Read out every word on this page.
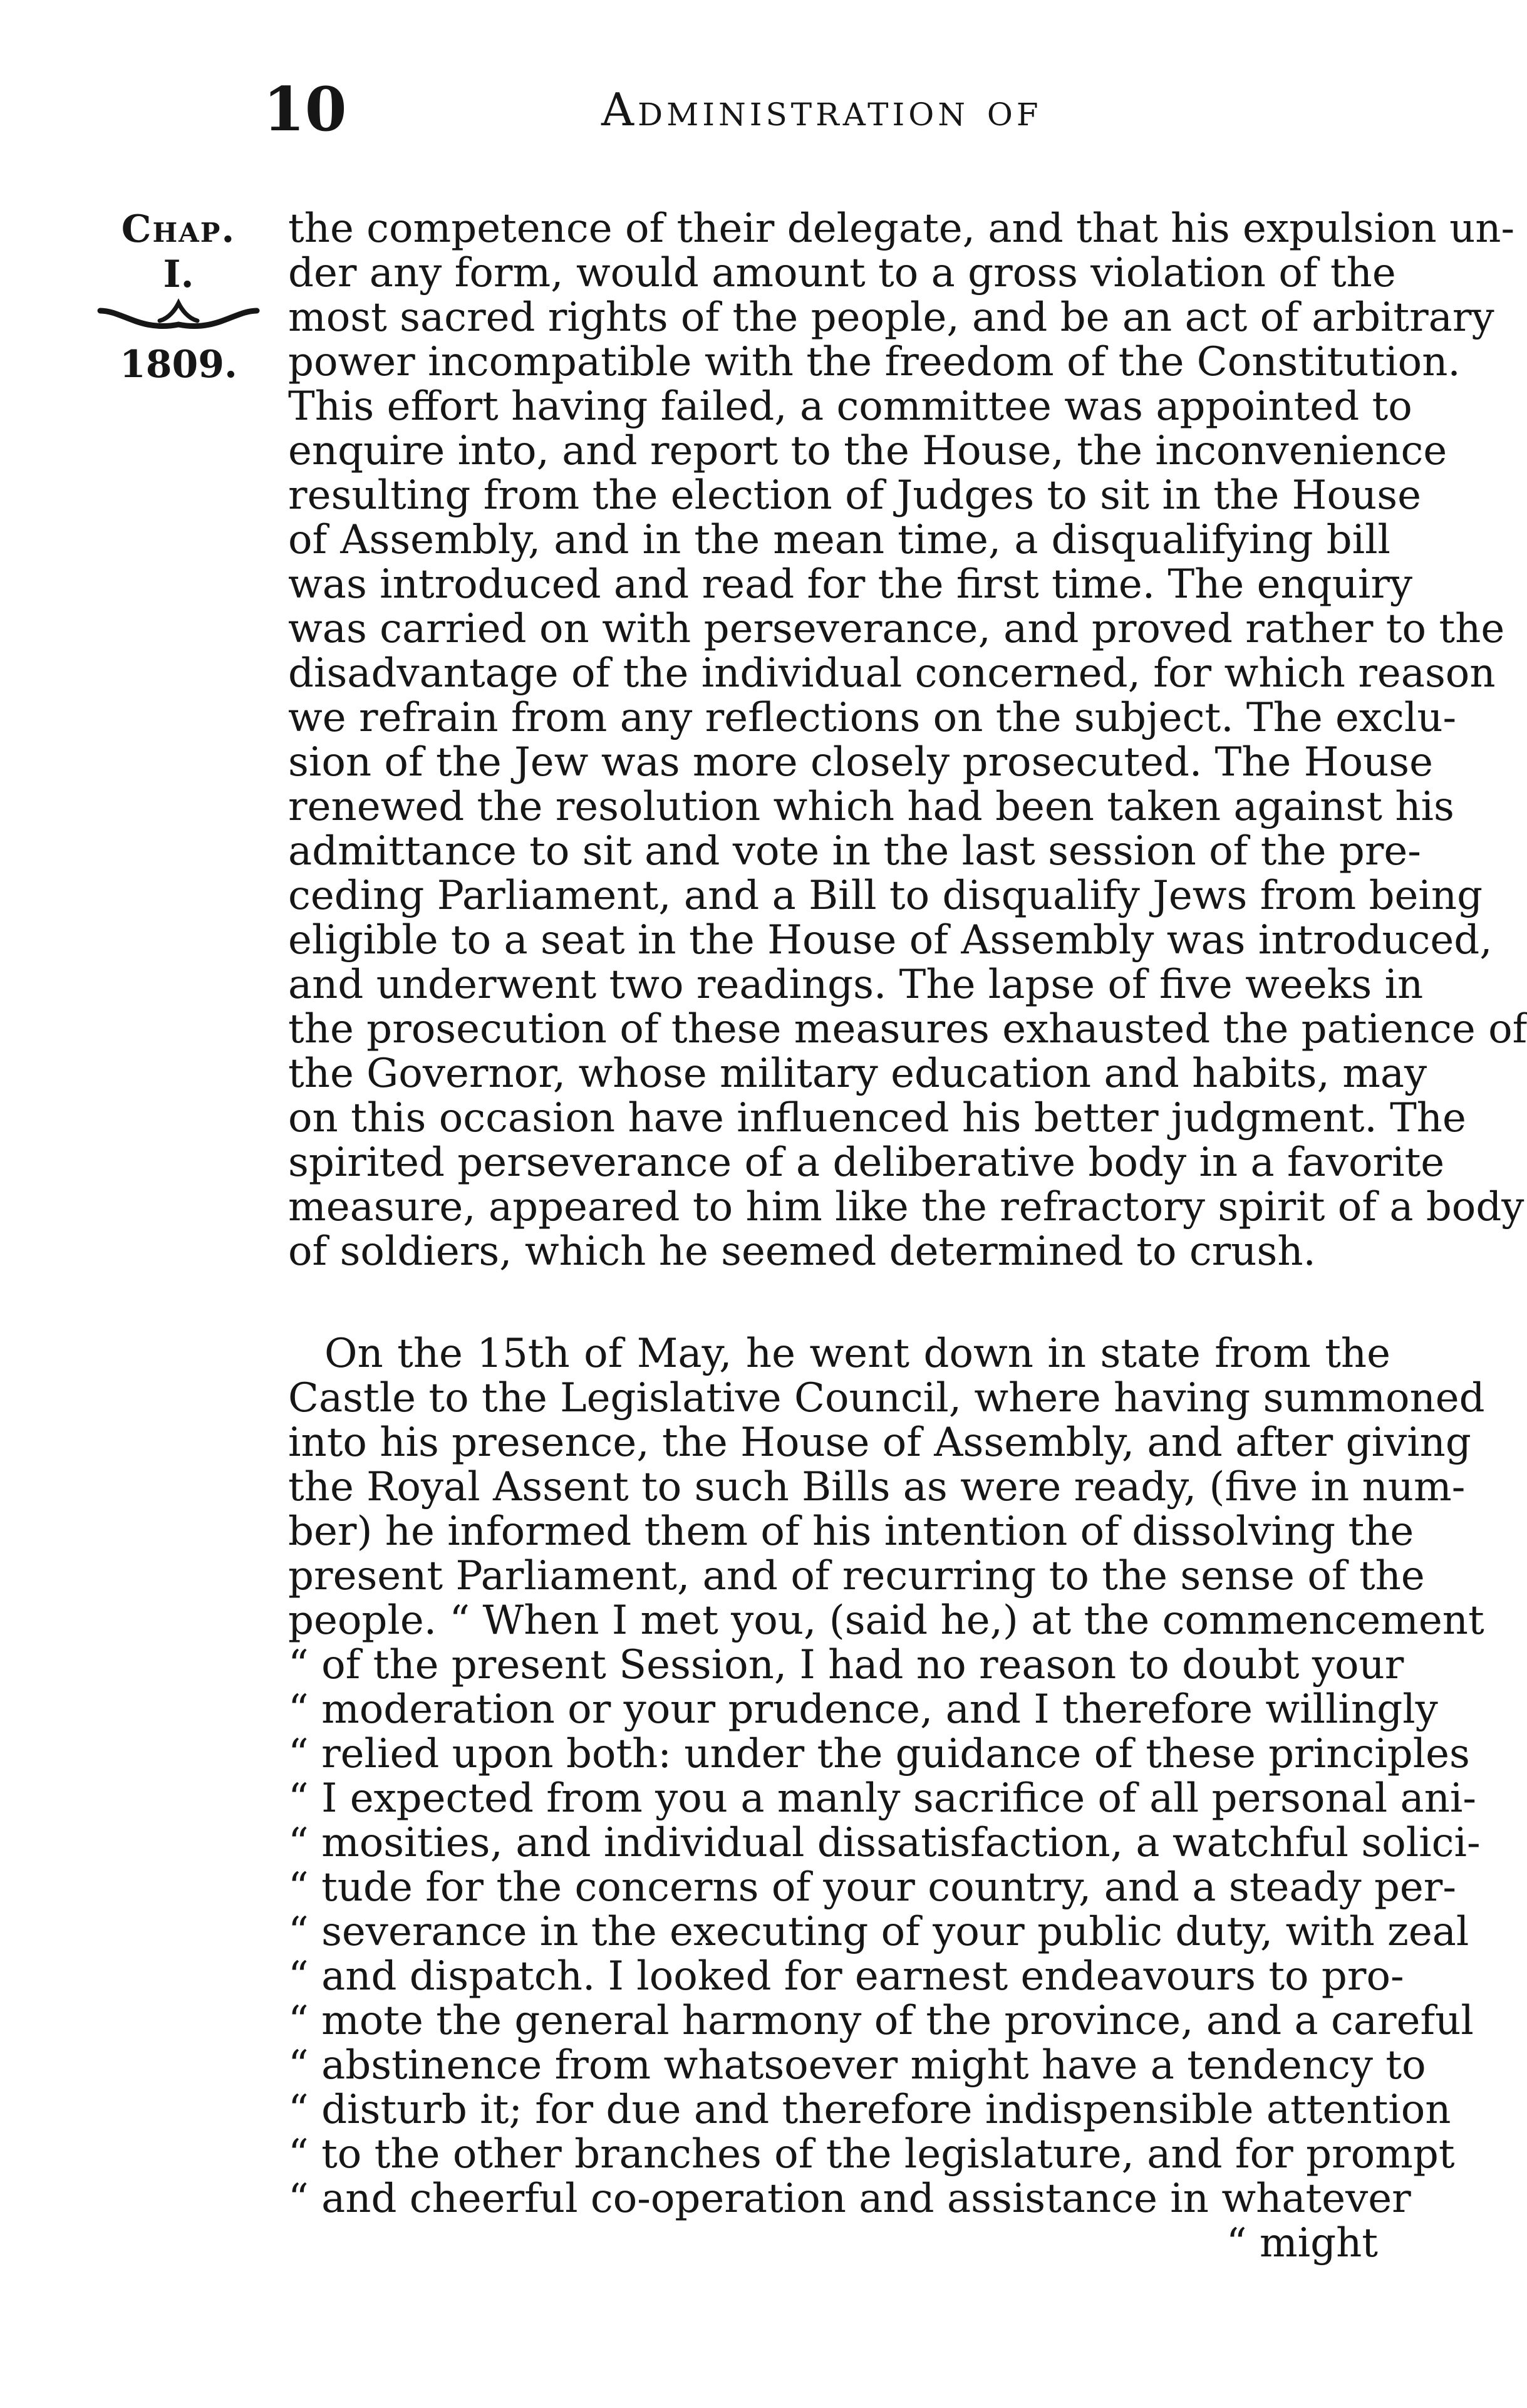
10	Administration of
Chap.
I.
1809.
the competence of their delegate, and that his expulsion un-
der any form, would amount to a gross violation of the
most sacred rights of the people, and be an act of arbitrary
power incompatible with the freedom of the Constitution.
This effort having failed, a committee was appointed to
enquire into, and report to the House, the inconvenience
resulting from the election of Judges to sit in the House
of Assembly, and in the mean time, a disqualifying bill
was introduced and read for the first time. The enquiry
was carried on with perseverance, and proved rather to the
disadvantage of the individual concerned, for which reason
we refrain from any reflections on the subject. The exclu-
sion of the Jew was more closely prosecuted. The House
renewed the resolution which had been taken against his
admittance to sit and vote in the last session of the pre-
ceding Parliament, and a Bill to disqualify Jews from being
eligible to a seat in the House of Assembly was introduced,
and underwent two readings. The lapse of five weeks in
the prosecution of these measures exhausted the patience of
the Governor, whose military education and habits, may
on this occasion have influenced his better judgment. The
spirited perseverance of a deliberative body in a favorite
measure, appeared to him like the refractory spirit of a body
of soldiers, which he seemed determined to crush.
On the 15th of May, he went down in state from the
Castle to the Legislative Council, where having summoned
into his presence, the House of Assembly, and after giving
the Royal Assent to such Bills as were ready, (five in num-
ber) he informed them of his intention of dissolving the
present Parliament, and of recurring to the sense of the
people. “ When I met you, (said he,) at the commencement
“ of the present Session, I had no reason to doubt your
“ moderation or your prudence, and I therefore willingly
“ relied upon both: under the guidance of these principles
“ I expected from you a manly sacrifice of all personal ani-
“ mosities, and individual dissatisfaction, a watchful solici-
“ tude for the concerns of your country, and a steady per-
“ severance in the executing of your public duty, with zeal
“ and dispatch. I looked for earnest endeavours to pro-
“ mote the general harmony of the province, and a careful
“ abstinence from whatsoever might have a tendency to
“ disturb it; for due and therefore indispensible attention
“ to the other branches of the legislature, and for prompt
“ and cheerful co-operation and assistance in whatever
“ might
